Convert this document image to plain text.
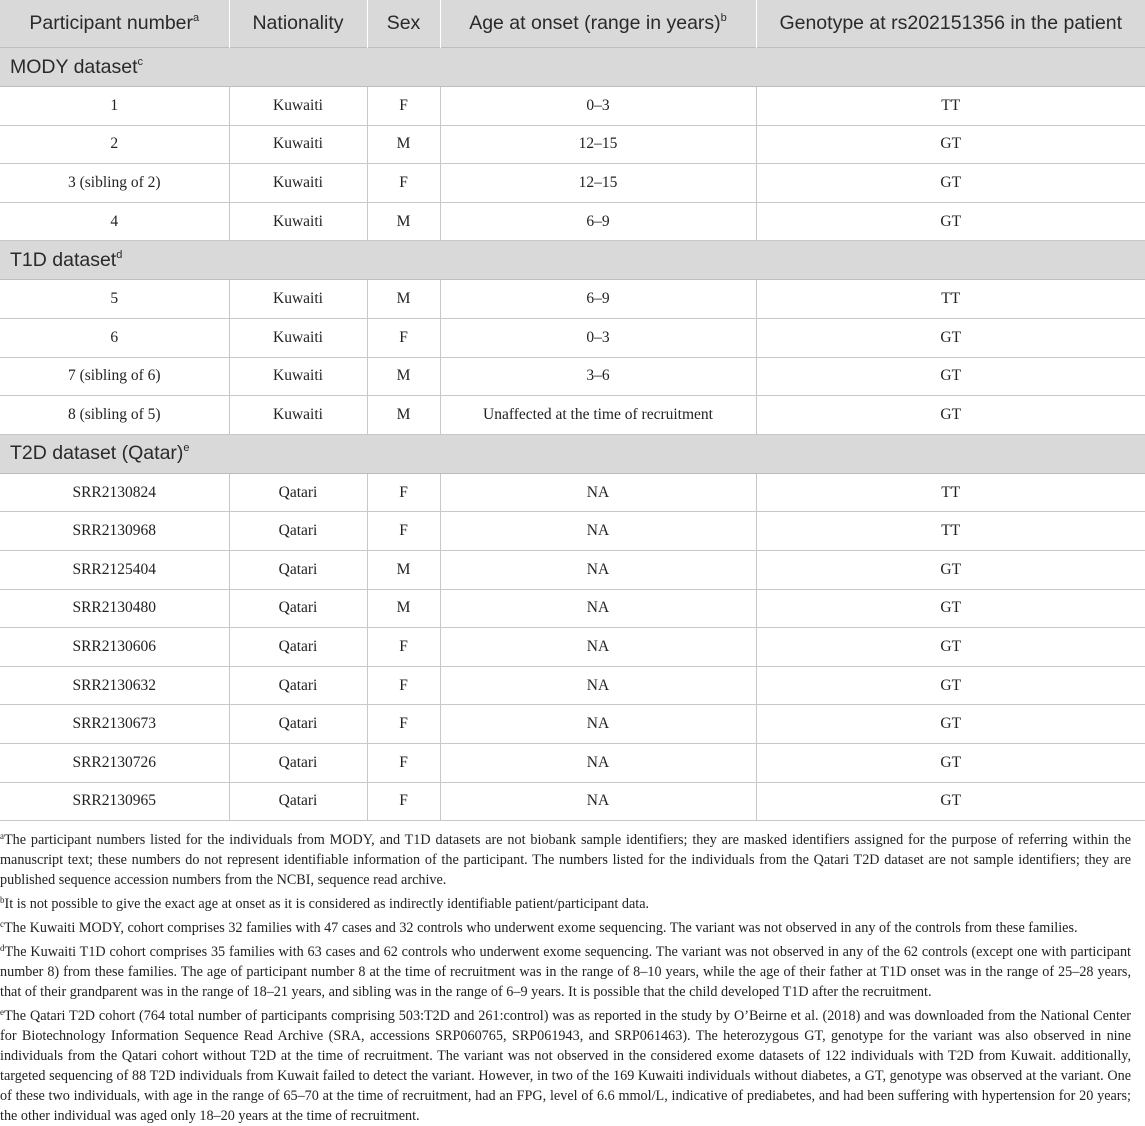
Participant number$^a$	Nationality	Sex	Age at onset (range in years)$^b$	Genotype at rs202151356 in the patient
MODY dataset$^c$
1	Kuwaiti	F	0–3	TT
2	Kuwaiti	M	12–15	GT
3 (sibling of 2)	Kuwaiti	F	12–15	GT
4	Kuwaiti	M	6–9	GT
T1D dataset$^d$
5	Kuwaiti	M	6–9	TT
6	Kuwaiti	F	0–3	GT
7 (sibling of 6)	Kuwaiti	M	3–6	GT
8 (sibling of 5)	Kuwaiti	M	Unaffected at the time of recruitment	GT
T2D dataset (Qatar)$^e$
SRR2130824	Qatari	F	NA	TT
SRR2130968	Qatari	F	NA	TT
SRR2125404	Qatari	M	NA	GT
SRR2130480	Qatari	M	NA	GT
SRR2130606	Qatari	F	NA	GT
SRR2130632	Qatari	F	NA	GT
SRR2130673	Qatari	F	NA	GT
SRR2130726	Qatari	F	NA	GT
SRR2130965	Qatari	F	NA	GT

$^a$The participant numbers listed for the individuals from MODY, and T1D datasets are not biobank sample identifiers; they are masked identifiers assigned for the purpose of referring within the manuscript text; these numbers do not represent identifiable information of the participant. The numbers listed for the individuals from the Qatari T2D dataset are not sample identifiers; they are published sequence accession numbers from the NCBI, sequence read archive.

$^b$It is not possible to give the exact age at onset as it is considered as indirectly identifiable patient/participant data.

$^c$The Kuwaiti MODY, cohort comprises 32 families with 47 cases and 32 controls who underwent exome sequencing. The variant was not observed in any of the controls from these families.

$^d$The Kuwaiti T1D cohort comprises 35 families with 63 cases and 62 controls who underwent exome sequencing. The variant was not observed in any of the 62 controls (except one with participant number 8) from these families. The age of participant number 8 at the time of recruitment was in the range of 8–10 years, while the age of their father at T1D onset was in the range of 25–28 years, that of their grandparent was in the range of 18–21 years, and sibling was in the range of 6–9 years. It is possible that the child developed T1D after the recruitment.

$^e$The Qatari T2D cohort (764 total number of participants comprising 503:T2D and 261:control) was as reported in the study by O’Beirne et al. (2018) and was downloaded from the National Center for Biotechnology Information Sequence Read Archive (SRA, accessions SRP060765, SRP061943, and SRP061463). The heterozygous GT, genotype for the variant was also observed in nine individuals from the Qatari cohort without T2D at the time of recruitment. The variant was not observed in the considered exome datasets of 122 individuals with T2D from Kuwait. additionally, targeted sequencing of 88 T2D individuals from Kuwait failed to detect the variant. However, in two of the 169 Kuwaiti individuals without diabetes, a GT, genotype was observed at the variant. One of these two individuals, with age in the range of 65–70 at the time of recruitment, had an FPG, level of 6.6 mmol/L, indicative of prediabetes, and had been suffering with hypertension for 20 years; the other individual was aged only 18–20 years at the time of recruitment.
